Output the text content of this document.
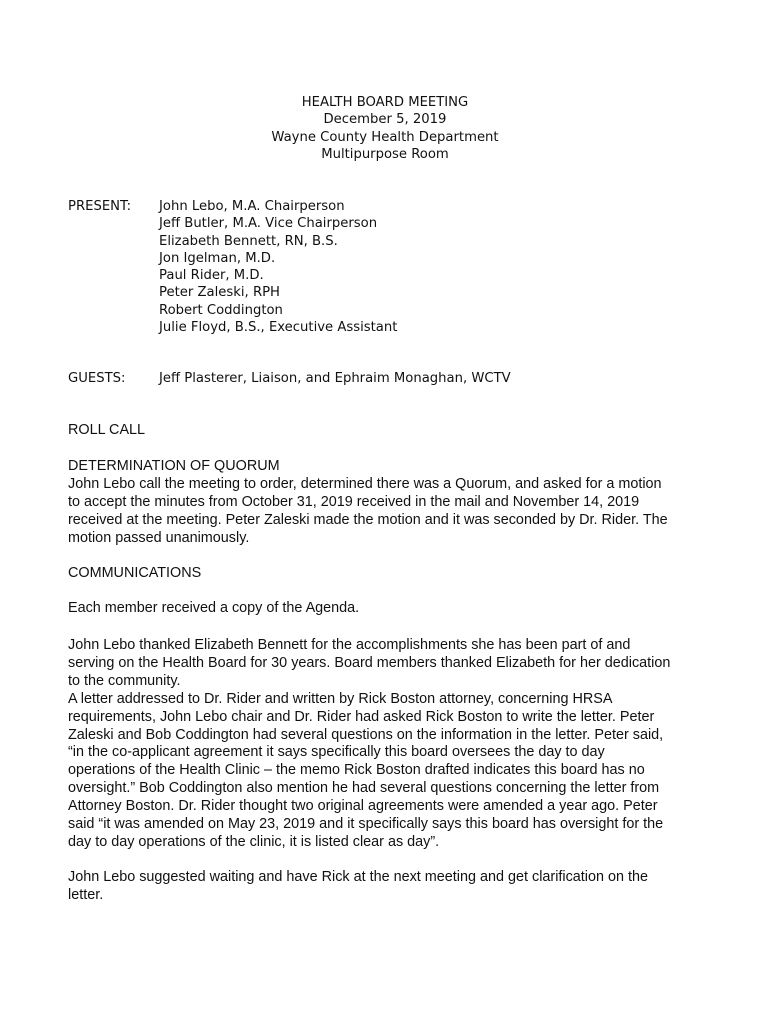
HEALTH BOARD MEETING
December 5, 2019
Wayne County Health Department
Multipurpose Room
PRESENT: John Lebo, M.A. Chairperson
Jeff Butler, M.A. Vice Chairperson
Elizabeth Bennett, RN, B.S.
Jon Igelman, M.D.
Paul Rider, M.D.
Peter Zaleski, RPH
Robert Coddington
Julie Floyd, B.S., Executive Assistant
GUESTS:	Jeff Plasterer, Liaison, and Ephraim Monaghan, WCTV
ROLL CALL
DETERMINATION OF QUORUM
John Lebo call the meeting to order, determined there was a Quorum, and asked for a motion
to accept the minutes from October 31, 2019 received in the mail and November 14, 2019
received at the meeting. Peter Zaleski made the motion and it was seconded by Dr. Rider. The
motion passed unanimously.
COMMUNICATIONS
Each member received a copy of the Agenda.
John Lebo thanked Elizabeth Bennett for the accomplishments she has been part of and
serving on the Health Board for 30 years. Board members thanked Elizabeth for her dedication
to the community.
A letter addressed to Dr. Rider and written by Rick Boston attorney, concerning HRSA
requirements, John Lebo chair and Dr. Rider had asked Rick Boston to write the letter. Peter
Zaleski and Bob Coddington had several questions on the information in the letter. Peter said,
“in the co-applicant agreement it says specifically this board oversees the day to day
operations of the Health Clinic – the memo Rick Boston drafted indicates this board has no
oversight.” Bob Coddington also mention he had several questions concerning the letter from
Attorney Boston. Dr. Rider thought two original agreements were amended a year ago. Peter
said “it was amended on May 23, 2019 and it specifically says this board has oversight for the
day to day operations of the clinic, it is listed clear as day”.
John Lebo suggested waiting and have Rick at the next meeting and get clarification on the
letter.
